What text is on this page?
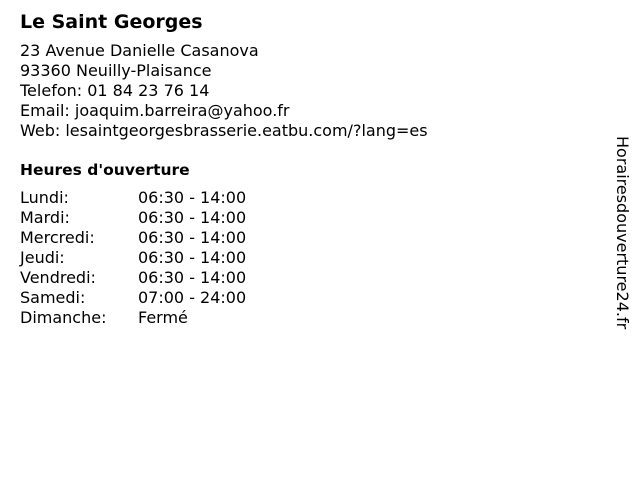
Le Saint Georges
23 Avenue Danielle Casanova
93360 Neuilly-Plaisance
Telefon: 01 84 23 76 14
Email: joaquim.barreira@yahoo.fr
Web: lesaintgeorgesbrasserie.eatbu.com/?lang=es
Heures d'ouverture
Lundi:	06:30 - 14:00
Mardi:	06:30 - 14:00
Mercredi:	06:30 - 14:00
Jeudi:	06:30 - 14:00
Vendredi:	06:30 - 14:00
Samedi:	07:00 - 24:00
Dimanche:	Fermé	Horairesdouverture24.fr
